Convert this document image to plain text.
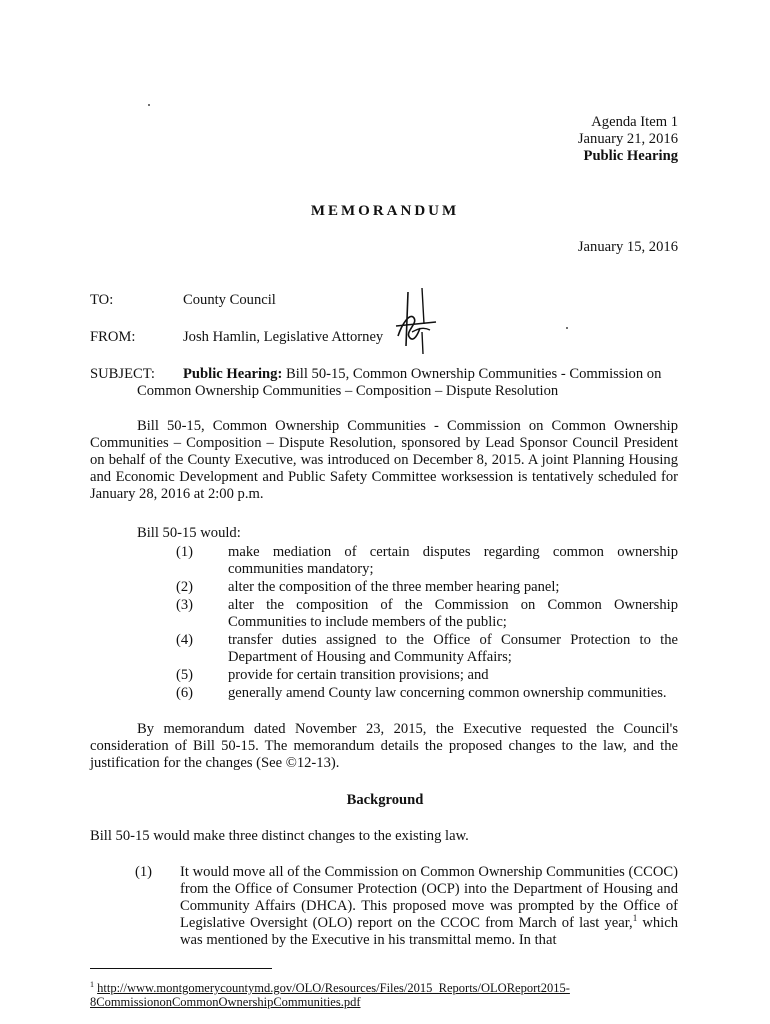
Agenda Item 1
January 21, 2016
Public Hearing
MEMORANDUM
January 15, 2016
TO:	County Council
FROM:	Josh Hamlin, Legislative Attorney
SUBJECT: Public Hearing: Bill 50-15, Common Ownership Communities - Commission on
Common Ownership Communities – Composition – Dispute Resolution
Bill 50-15, Common Ownership Communities - Commission on Common Ownership Communities – Composition – Dispute Resolution, sponsored by Lead Sponsor Council President on behalf of the County Executive, was introduced on December 8, 2015. A joint Planning Housing and Economic Development and Public Safety Committee worksession is tentatively scheduled for January 28, 2016 at 2:00 p.m.
Bill 50-15 would:
(1)	make mediation of certain disputes regarding common ownership communities mandatory;
(2)	alter the composition of the three member hearing panel;
(3)	alter the composition of the Commission on Common Ownership Communities to include members of the public;
(4)	transfer duties assigned to the Office of Consumer Protection to the Department of Housing and Community Affairs;
(5)	provide for certain transition provisions; and
(6)	generally amend County law concerning common ownership communities.
By memorandum dated November 23, 2015, the Executive requested the Council's consideration of Bill 50-15. The memorandum details the proposed changes to the law, and the justification for the changes (See ©12-13).
Background
Bill 50-15 would make three distinct changes to the existing law.
(1) It would move all of the Commission on Common Ownership Communities (CCOC) from the Office of Consumer Protection (OCP) into the Department of Housing and Community Affairs (DHCA). This proposed move was prompted by the Office of Legislative Oversight (OLO) report on the CCOC from March of last year,$^1$ which was mentioned by the Executive in his transmittal memo. In that
$^1$ http://www.montgomerycountymd.gov/OLO/Resources/Files/2015_Reports/OLOReport2015-
8CommissiononCommonOwnershipCommunities.pdf
